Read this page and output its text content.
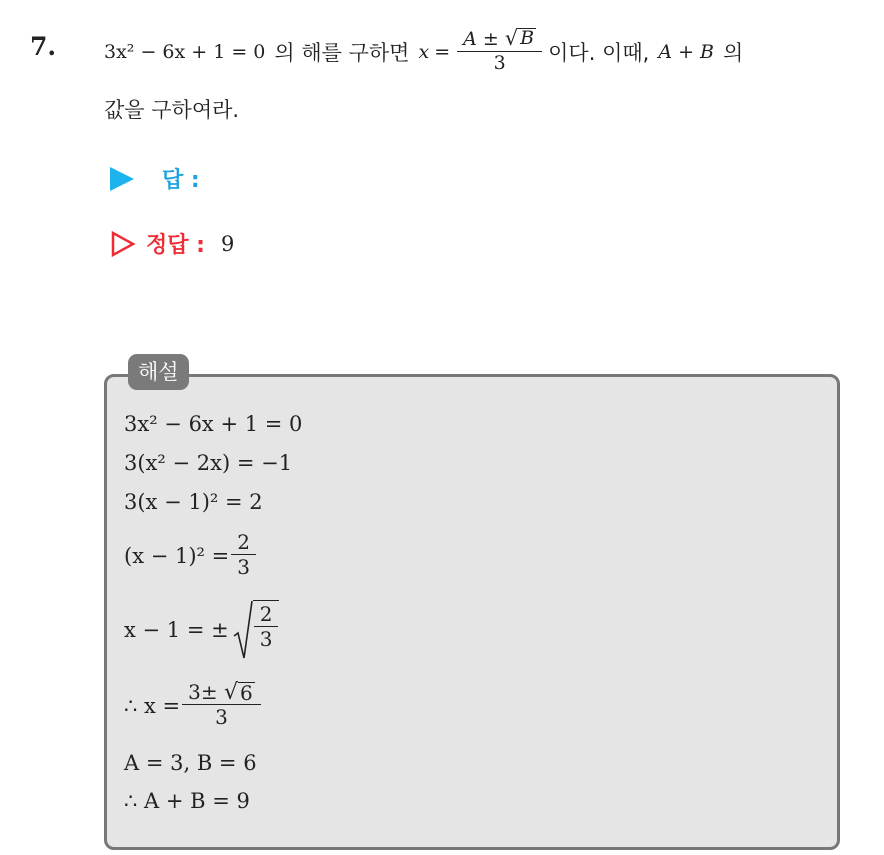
7.	3x² − 6x + 1 = 0 의 해를 구하면 $x = \frac{A \pm √ B}{3}$ 이다. 이때, A + B 의
값을 구하여라.
답 :
정답 : 9
해설
3x² − 6x + 1 = 0
3(x² − 2x) = −1
3(x − 1)² = 2
$(x - 1)^2 = \frac{2}{3}$
x − 1 = ± $\frac{2}{3}$
∴ $x = \frac{3\pm √ 6}{3}$
A = 3, B = 6
∴ A + B = 9
